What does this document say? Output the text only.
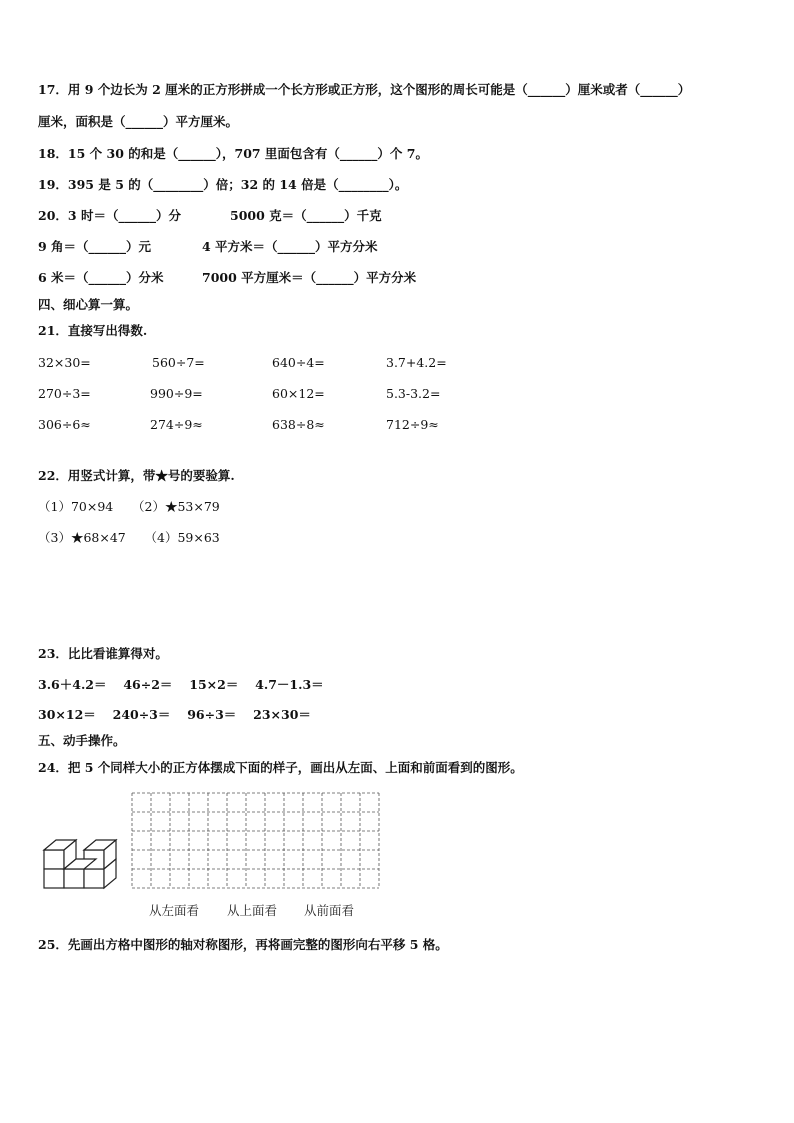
17．用 9 个边长为 2 厘米的正方形拼成一个长方形或正方形，这个图形的周长可能是（______）厘米或者（______）
厘米，面积是（______）平方厘米。
18．15 个 30 的和是（______），707 里面包含有（______）个 7。
19．395 是 5 的（________）倍；32 的 14 倍是（________）。
20．3 时＝（______）分	5000 克＝（______）千克
9 角＝（______）元	4 平方米＝（______）平方分米
6 米＝（______）分米	7000 平方厘米＝（______）平方分米
四、细心算一算。
21．直接写出得数.
32×30=	560÷7=	640÷4=	3.7+4.2=
270÷3=	990÷9=	60×12=	5.3-3.2=
306÷6≈	274÷9≈	638÷8≈	712÷9≈
22．用竖式计算，带★号的要验算.
（1）70×94　　（2）★53×79
（3）★68×47　　（4）59×63
23．比比看谁算得对。
3.6＋4.2＝　 46÷2＝　 15×2＝　 4.7－1.3＝
30×12＝　 240÷3＝　 96÷3＝　 23×30＝
五、动手操作。
24．把 5 个同样大小的正方体摆成下面的样子，画出从左面、上面和前面看到的图形。
从左面看 从上面看 从前面看
25．先画出方格中图形的轴对称图形，再将画完整的图形向右平移 5 格。
